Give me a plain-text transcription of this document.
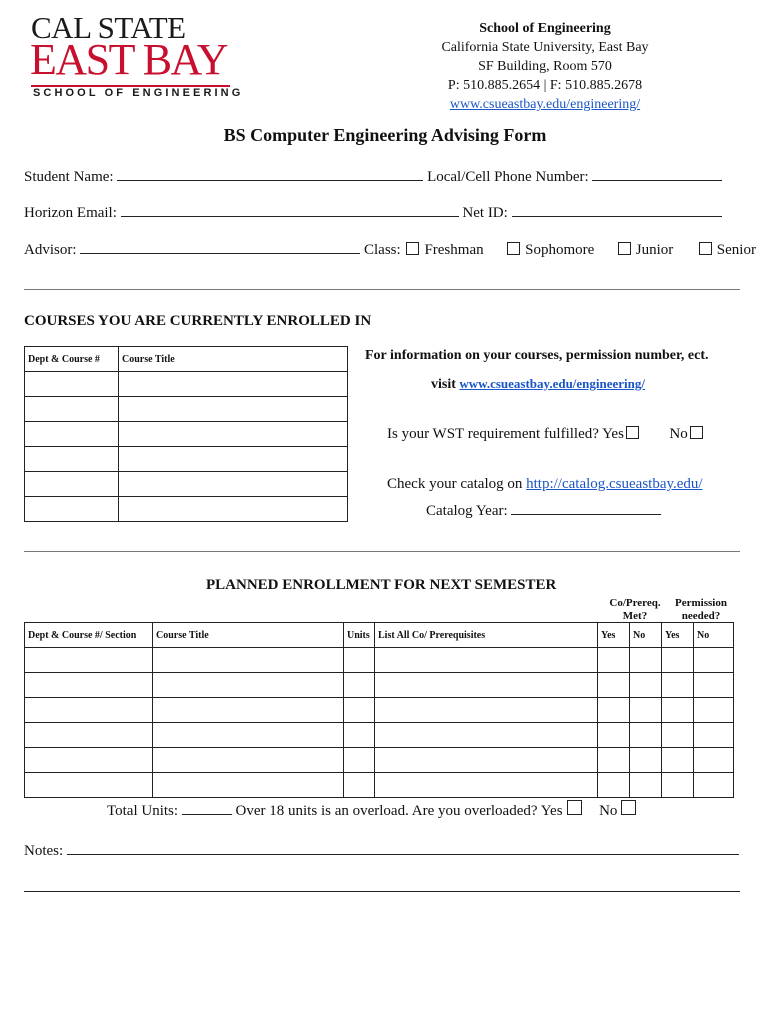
CAL STATE
EAST BAY
SCHOOL OF ENGINEERING
School of Engineering
California State University, East Bay
SF Building, Room 570
P: 510.885.2654 | F: 510.885.2678
www.csueastbay.edu/engineering/
BS Computer Engineering Advising Form
Student Name:	Local/Cell Phone Number:
Horizon Email:	Net ID:
Advisor:	Class: Freshman	Sophomore	Junior	Senior
COURSES YOU ARE CURRENTLY ENROLLED IN
Dept & Course #	Course Title

		For information on your courses, permission number, ect.
visit www.csueastbay.edu/engineering/
Is your WST requirement fulfilled? Yes	No
Check your catalog on http://catalog.csueastbay.edu/
Catalog Year:
PLANNED ENROLLMENT FOR NEXT SEMESTER
Co/Prereq. Met?
Permission needed?
Dept & Course #/ Section	Course Title	Units	List All Co/ Prerequisites	Yes	No	Yes	No

Total Units:	Over 18 units is an overload. Are you overloaded? Yes No
Notes:
